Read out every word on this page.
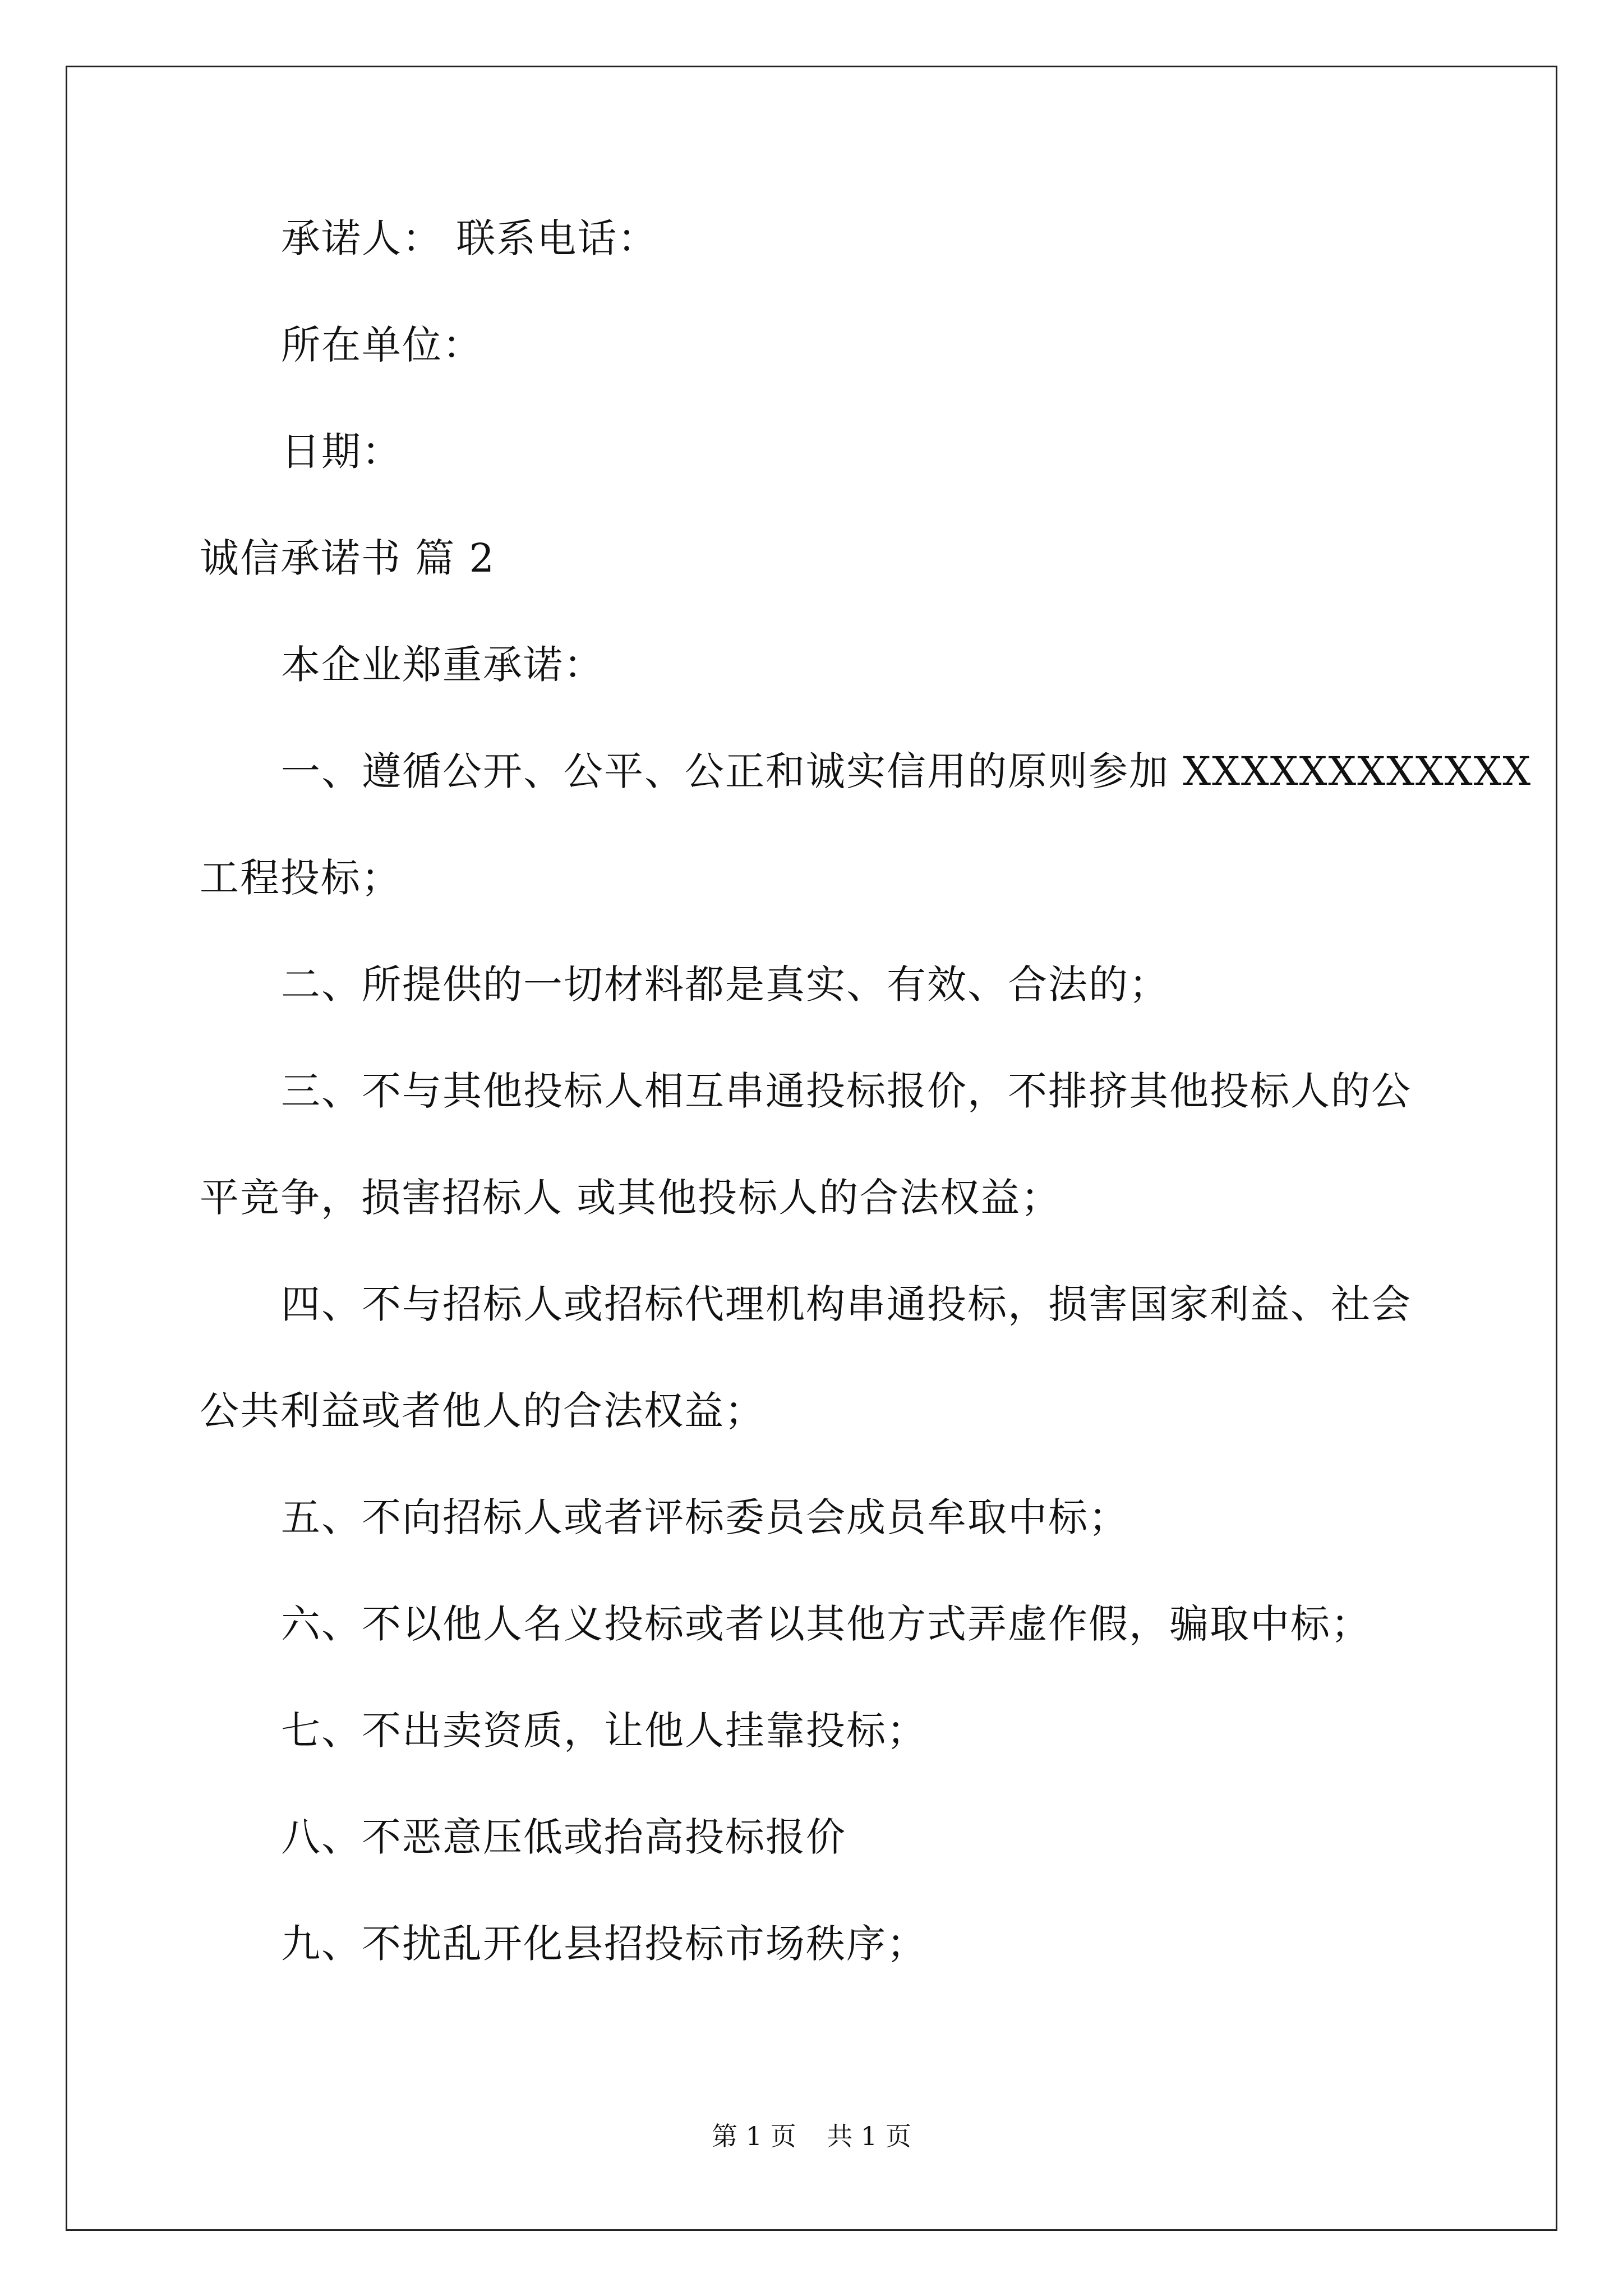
承诺人： 联系电话：
所在单位：
日期：
诚信承诺书 篇 2
本企业郑重承诺：
一、遵循公开、公平、公正和诚实信用的原则参加 XXXXXXXXXXXX
工程投标；
二、所提供的一切材料都是真实、有效、合法的；
三、不与其他投标人相互串通投标报价，不排挤其他投标人的公
平竞争，损害招标人 或其他投标人的合法权益；
四、不与招标人或招标代理机构串通投标，损害国家利益、社会
公共利益或者他人的合法权益；
五、不向招标人或者评标委员会成员牟取中标；
六、不以他人名义投标或者以其他方式弄虚作假，骗取中标；
七、不出卖资质，让他人挂靠投标；
八、不恶意压低或抬高投标报价
九、不扰乱开化县招投标市场秩序；
第 1 页 共 1 页
